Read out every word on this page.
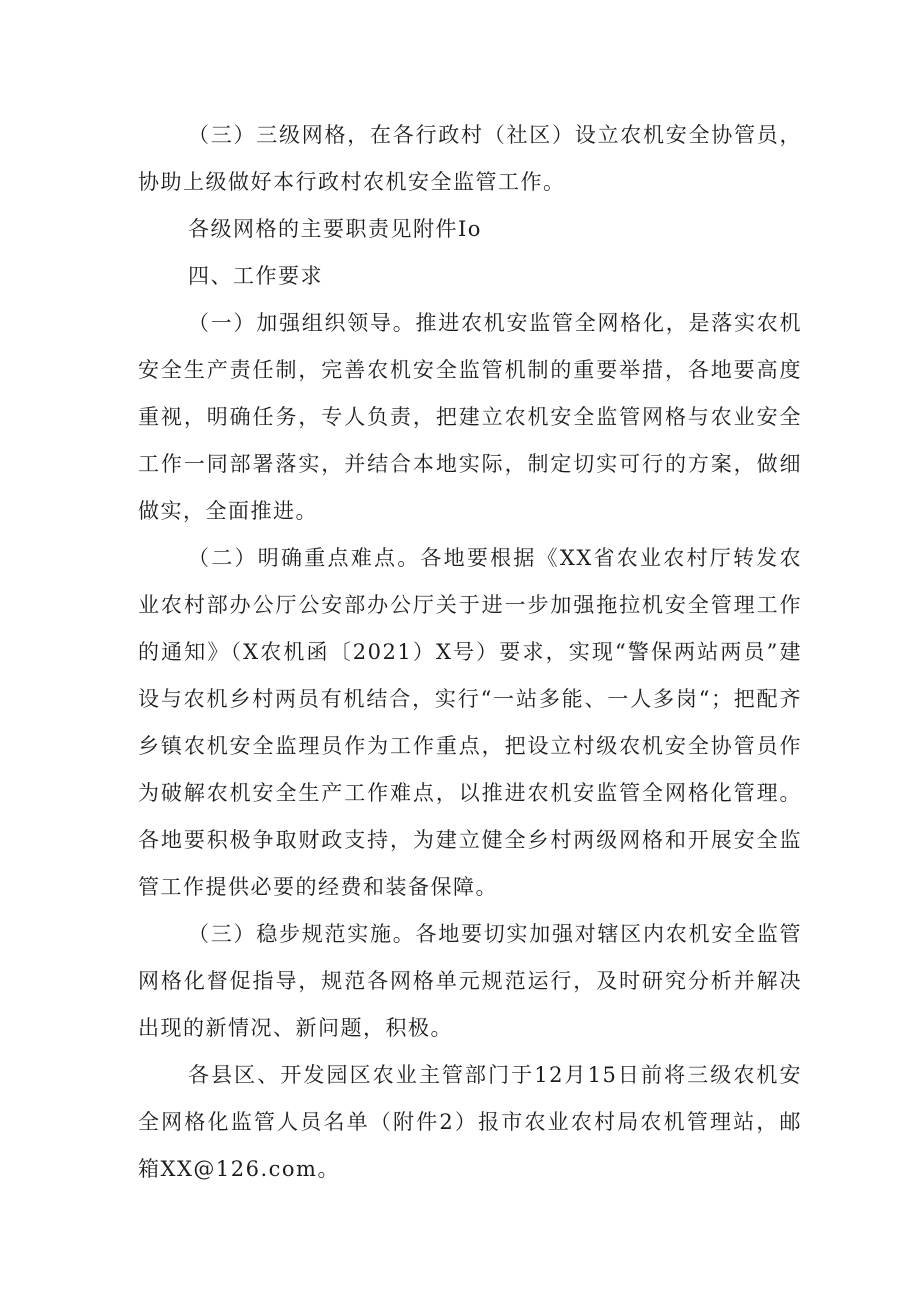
（三）三级网格，在各行政村（社区）设立农机安全协管员，协助上级做好本行政村农机安全监管工作。

各级网格的主要职责见附件Io

四、工作要求

（一）加强组织领导。推进农机安监管全网格化，是落实农机安全生产责任制，完善农机安全监管机制的重要举措，各地要高度重视，明确任务，专人负责，把建立农机安全监管网格与农业安全工作一同部署落实，并结合本地实际，制定切实可行的方案，做细做实，全面推进。

（二）明确重点难点。各地要根据《XX省农业农村厅转发农业农村部办公厅公安部办公厅关于进一步加强拖拉机安全管理工作的通知》（X农机函〔2021）X号）要求，实现“警保两站两员”建设与农机乡村两员有机结合，实行“一站多能、一人多岗“；把配齐乡镇农机安全监理员作为工作重点，把设立村级农机安全协管员作为破解农机安全生产工作难点，以推进农机安监管全网格化管理。各地要积极争取财政支持，为建立健全乡村两级网格和开展安全监管工作提供必要的经费和装备保障。

（三）稳步规范实施。各地要切实加强对辖区内农机安全监管网格化督促指导，规范各网格单元规范运行，及时研究分析并解决出现的新情况、新问题，积极。

各县区、开发园区农业主管部门于12月15日前将三级农机安全网格化监管人员名单（附件2）报市农业农村局农机管理站，邮箱XX@126.com。
